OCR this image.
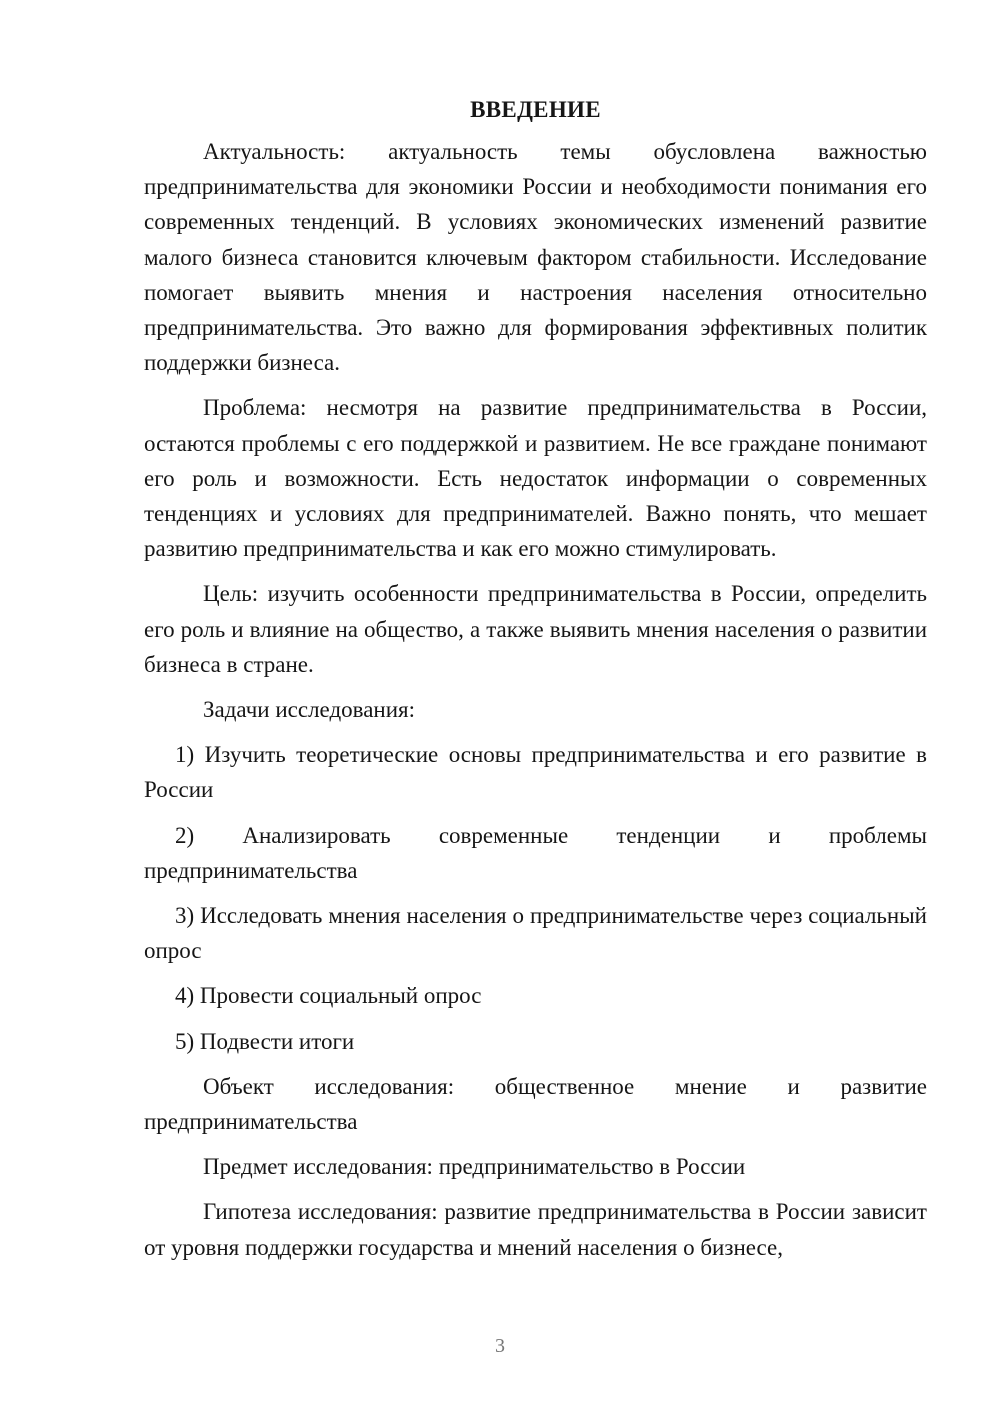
ВВЕДЕНИЕ

Актуальность: актуальность темы обусловлена важностью предпринимательства для экономики России и необходимости понимания его современных тенденций. В условиях экономических изменений развитие малого бизнеса становится ключевым фактором стабильности. Исследование помогает выявить мнения и настроения населения относительно предпринимательства. Это важно для формирования эффективных политик поддержки бизнеса.

Проблема: несмотря на развитие предпринимательства в России, остаются проблемы с его поддержкой и развитием. Не все граждане понимают его роль и возможности. Есть недостаток информации о современных тенденциях и условиях для предпринимателей. Важно понять, что мешает развитию предпринимательства и как его можно стимулировать.

Цель: изучить особенности предпринимательства в России, определить его роль и влияние на общество, а также выявить мнения населения о развитии бизнеса в стране.

Задачи исследования:

1) Изучить теоретические основы предпринимательства и его развитие в России

2) Анализировать современные тенденции и проблемы предпринимательства

3) Исследовать мнения населения о предпринимательстве через социальный опрос

4) Провести социальный опрос

5) Подвести итоги

Объект исследования: общественное мнение и развитие предпринимательства

Предмет исследования: предпринимательство в России

Гипотеза исследования: развитие предпринимательства в России зависит от уровня поддержки государства и мнений населения о бизнесе,

3
